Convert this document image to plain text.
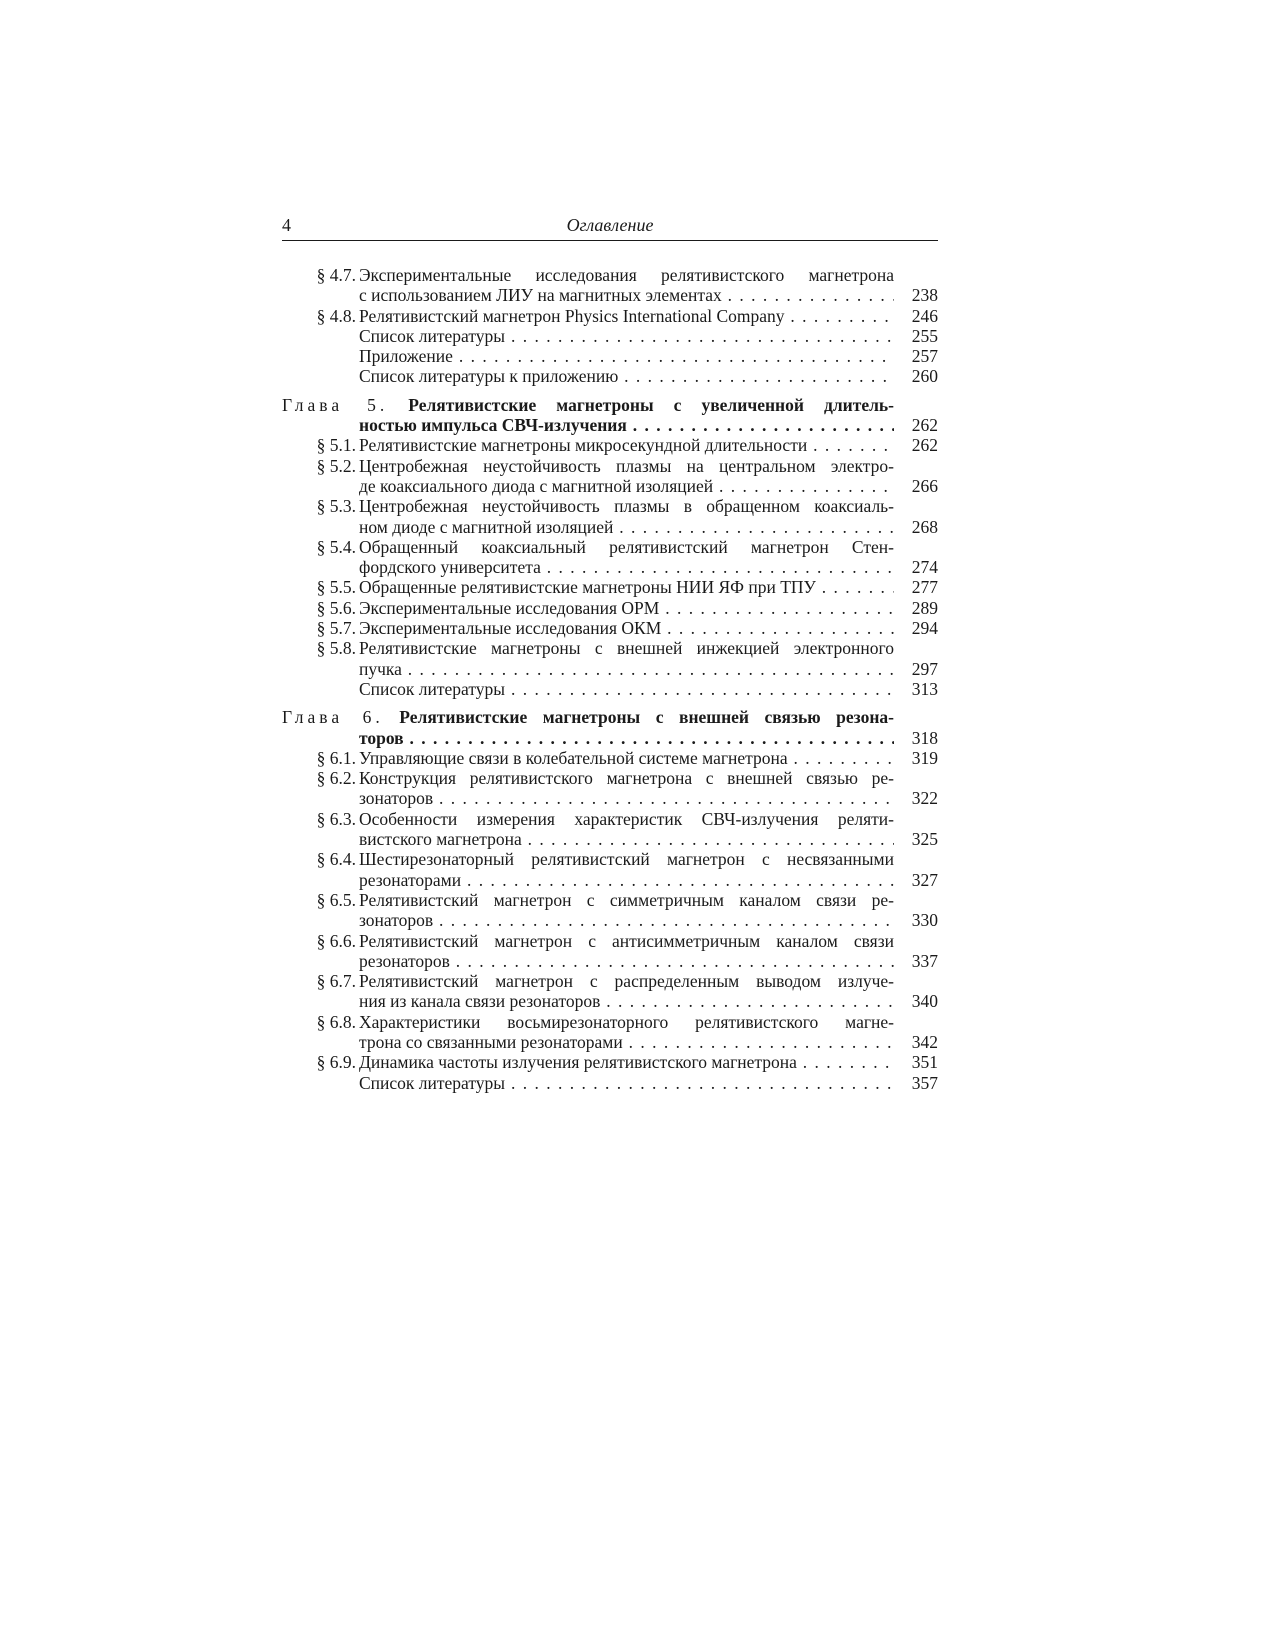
4	Оглавление
§ 4.7. Экспериментальные исследования релятивистского магнетрона
с использованием ЛИУ на магнитных элементах . . .	238
§ 4.8. Релятивистский магнетрон Physics International Company . . .	246
Список литературы . . .	255
Приложение . . .	257
Список литературы к приложению . . .	260
Глава 5. Релятивистские магнетроны с увеличенной длитель-
ностью импульса СВЧ-излучения . . .	262
§ 5.1. Релятивистские магнетроны микросекундной длительности . . .	262
§ 5.2. Центробежная неустойчивость плазмы на центральном электро-
де коаксиального диода с магнитной изоляцией . . .	266
§ 5.3. Центробежная неустойчивость плазмы в обращенном коаксиаль-
ном диоде с магнитной изоляцией . . .	268
§ 5.4. Обращенный коаксиальный релятивистский магнетрон Стен-
фордского университета . . .	274
§ 5.5. Обращенные релятивистские магнетроны НИИ ЯФ при ТПУ . . .	277
§ 5.6. Экспериментальные исследования ОРМ . . .	289
§ 5.7. Экспериментальные исследования ОКМ . . .	294
§ 5.8. Релятивистские магнетроны с внешней инжекцией электронного
пучка . . .	297
Список литературы . . .	313
Глава 6. Релятивистские магнетроны с внешней связью резона-
торов . . .	318
§ 6.1. Управляющие связи в колебательной системе магнетрона . . .	319
§ 6.2. Конструкция релятивистского магнетрона с внешней связью ре-
зонаторов . . .	322
§ 6.3. Особенности измерения характеристик СВЧ-излучения реляти-
вистского магнетрона . . .	325
§ 6.4. Шестирезонаторный релятивистский магнетрон с несвязанными
резонаторами . . .	327
§ 6.5. Релятивистский магнетрон с симметричным каналом связи ре-
зонаторов . . .	330
§ 6.6. Релятивистский магнетрон с антисимметричным каналом связи
резонаторов . . .	337
§ 6.7. Релятивистский магнетрон с распределенным выводом излуче-
ния из канала связи резонаторов . . .	340
§ 6.8. Характеристики восьмирезонаторного релятивистского магне-
трона со связанными резонаторами . . .	342
§ 6.9. Динамика частоты излучения релятивистского магнетрона . . .	351
Список литературы . . .	357
